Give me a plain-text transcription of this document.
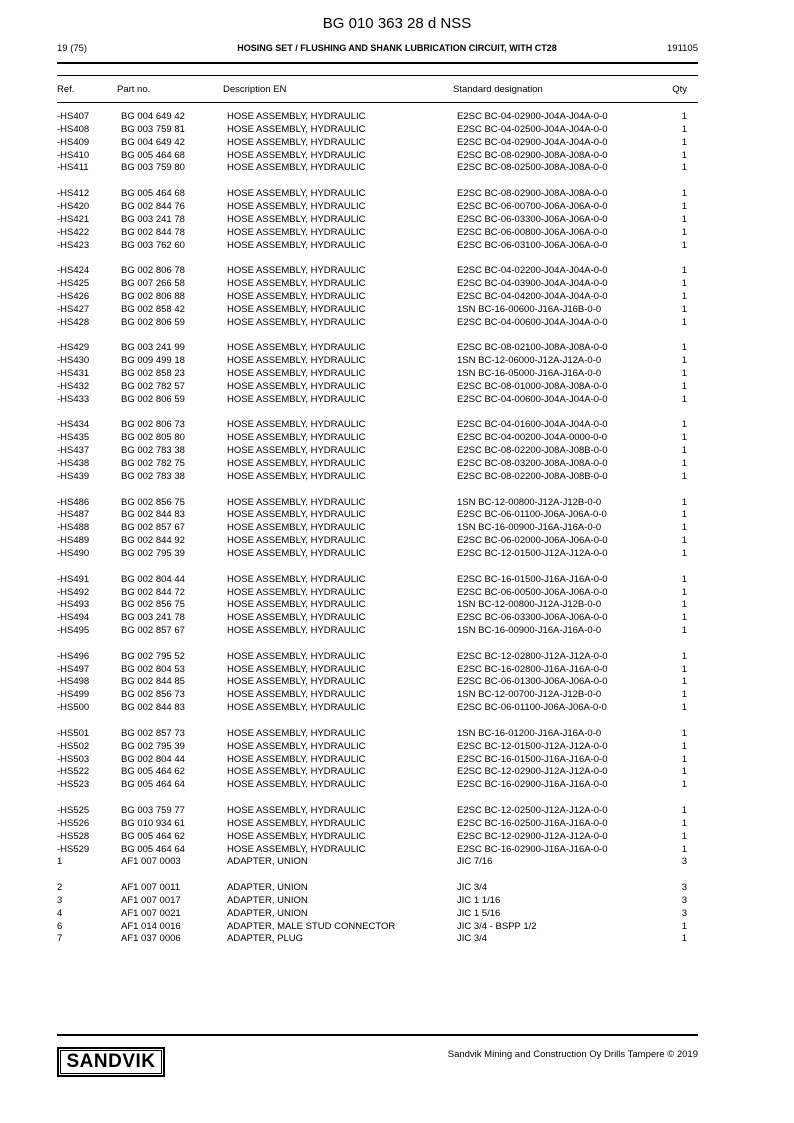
BG 010 363 28 d NSS
19 (75)	HOSING SET / FLUSHING AND SHANK LUBRICATION CIRCUIT, WITH CT28	191105
Ref.	Part no.	Description EN	Standard designation	Qty
-HS407	BG 004 649 42	HOSE ASSEMBLY, HYDRAULIC	E2SC BC-04-02900-J04A-J04A-0-0	1
-HS408	BG 003 759 81	HOSE ASSEMBLY, HYDRAULIC	E2SC BC-04-02500-J04A-J04A-0-0	1
-HS409	BG 004 649 42	HOSE ASSEMBLY, HYDRAULIC	E2SC BC-04-02900-J04A-J04A-0-0	1
-HS410	BG 005 464 68	HOSE ASSEMBLY, HYDRAULIC	E2SC BC-08-02900-J08A-J08A-0-0	1
-HS411	BG 003 759 80	HOSE ASSEMBLY, HYDRAULIC	E2SC BC-08-02500-J08A-J08A-0-0	1
-HS412	BG 005 464 68	HOSE ASSEMBLY, HYDRAULIC	E2SC BC-08-02900-J08A-J08A-0-0	1
-HS420	BG 002 844 76	HOSE ASSEMBLY, HYDRAULIC	E2SC BC-06-00700-J06A-J06A-0-0	1
-HS421	BG 003 241 78	HOSE ASSEMBLY, HYDRAULIC	E2SC BC-06-03300-J06A-J06A-0-0	1
-HS422	BG 002 844 78	HOSE ASSEMBLY, HYDRAULIC	E2SC BC-06-00800-J06A-J06A-0-0	1
-HS423	BG 003 762 60	HOSE ASSEMBLY, HYDRAULIC	E2SC BC-06-03100-J06A-J06A-0-0	1
-HS424	BG 002 806 78	HOSE ASSEMBLY, HYDRAULIC	E2SC BC-04-02200-J04A-J04A-0-0	1
-HS425	BG 007 266 58	HOSE ASSEMBLY, HYDRAULIC	E2SC BC-04-03900-J04A-J04A-0-0	1
-HS426	BG 002 806 88	HOSE ASSEMBLY, HYDRAULIC	E2SC BC-04-04200-J04A-J04A-0-0	1
-HS427	BG 002 858 42	HOSE ASSEMBLY, HYDRAULIC	1SN BC-16-00600-J16A-J16B-0-0	1
-HS428	BG 002 806 59	HOSE ASSEMBLY, HYDRAULIC	E2SC BC-04-00600-J04A-J04A-0-0	1
-HS429	BG 003 241 99	HOSE ASSEMBLY, HYDRAULIC	E2SC BC-08-02100-J08A-J08A-0-0	1
-HS430	BG 009 499 18	HOSE ASSEMBLY, HYDRAULIC	1SN BC-12-06000-J12A-J12A-0-0	1
-HS431	BG 002 858 23	HOSE ASSEMBLY, HYDRAULIC	1SN BC-16-05000-J16A-J16A-0-0	1
-HS432	BG 002 782 57	HOSE ASSEMBLY, HYDRAULIC	E2SC BC-08-01000-J08A-J08A-0-0	1
-HS433	BG 002 806 59	HOSE ASSEMBLY, HYDRAULIC	E2SC BC-04-00600-J04A-J04A-0-0	1
-HS434	BG 002 806 73	HOSE ASSEMBLY, HYDRAULIC	E2SC BC-04-01600-J04A-J04A-0-0	1
-HS435	BG 002 805 80	HOSE ASSEMBLY, HYDRAULIC	E2SC BC-04-00200-J04A-0000-0-0	1
-HS437	BG 002 783 38	HOSE ASSEMBLY, HYDRAULIC	E2SC BC-08-02200-J08A-J08B-0-0	1
-HS438	BG 002 782 75	HOSE ASSEMBLY, HYDRAULIC	E2SC BC-08-03200-J08A-J08A-0-0	1
-HS439	BG 002 783 38	HOSE ASSEMBLY, HYDRAULIC	E2SC BC-08-02200-J08A-J08B-0-0	1
-HS486	BG 002 856 75	HOSE ASSEMBLY, HYDRAULIC	1SN BC-12-00800-J12A-J12B-0-0	1
-HS487	BG 002 844 83	HOSE ASSEMBLY, HYDRAULIC	E2SC BC-06-01100-J06A-J06A-0-0	1
-HS488	BG 002 857 67	HOSE ASSEMBLY, HYDRAULIC	1SN BC-16-00900-J16A-J16A-0-0	1
-HS489	BG 002 844 92	HOSE ASSEMBLY, HYDRAULIC	E2SC BC-06-02000-J06A-J06A-0-0	1
-HS490	BG 002 795 39	HOSE ASSEMBLY, HYDRAULIC	E2SC BC-12-01500-J12A-J12A-0-0	1
-HS491	BG 002 804 44	HOSE ASSEMBLY, HYDRAULIC	E2SC BC-16-01500-J16A-J16A-0-0	1
-HS492	BG 002 844 72	HOSE ASSEMBLY, HYDRAULIC	E2SC BC-06-00500-J06A-J06A-0-0	1
-HS493	BG 002 856 75	HOSE ASSEMBLY, HYDRAULIC	1SN BC-12-00800-J12A-J12B-0-0	1
-HS494	BG 003 241 78	HOSE ASSEMBLY, HYDRAULIC	E2SC BC-06-03300-J06A-J06A-0-0	1
-HS495	BG 002 857 67	HOSE ASSEMBLY, HYDRAULIC	1SN BC-16-00900-J16A-J16A-0-0	1
-HS496	BG 002 795 52	HOSE ASSEMBLY, HYDRAULIC	E2SC BC-12-02800-J12A-J12A-0-0	1
-HS497	BG 002 804 53	HOSE ASSEMBLY, HYDRAULIC	E2SC BC-16-02800-J16A-J16A-0-0	1
-HS498	BG 002 844 85	HOSE ASSEMBLY, HYDRAULIC	E2SC BC-06-01300-J06A-J06A-0-0	1
-HS499	BG 002 856 73	HOSE ASSEMBLY, HYDRAULIC	1SN BC-12-00700-J12A-J12B-0-0	1
-HS500	BG 002 844 83	HOSE ASSEMBLY, HYDRAULIC	E2SC BC-06-01100-J06A-J06A-0-0	1
-HS501	BG 002 857 73	HOSE ASSEMBLY, HYDRAULIC	1SN BC-16-01200-J16A-J16A-0-0	1
-HS502	BG 002 795 39	HOSE ASSEMBLY, HYDRAULIC	E2SC BC-12-01500-J12A-J12A-0-0	1
-HS503	BG 002 804 44	HOSE ASSEMBLY, HYDRAULIC	E2SC BC-16-01500-J16A-J16A-0-0	1
-HS522	BG 005 464 62	HOSE ASSEMBLY, HYDRAULIC	E2SC BC-12-02900-J12A-J12A-0-0	1
-HS523	BG 005 464 64	HOSE ASSEMBLY, HYDRAULIC	E2SC BC-16-02900-J16A-J16A-0-0	1
-HS525	BG 003 759 77	HOSE ASSEMBLY, HYDRAULIC	E2SC BC-12-02500-J12A-J12A-0-0	1
-HS526	BG 010 934 61	HOSE ASSEMBLY, HYDRAULIC	E2SC BC-16-02500-J16A-J16A-0-0	1
-HS528	BG 005 464 62	HOSE ASSEMBLY, HYDRAULIC	E2SC BC-12-02900-J12A-J12A-0-0	1
-HS529	BG 005 464 64	HOSE ASSEMBLY, HYDRAULIC	E2SC BC-16-02900-J16A-J16A-0-0	1
1	AF1 007 0003	ADAPTER, UNION	JIC 7/16	3
2	AF1 007 0011	ADAPTER, UNION	JIC 3/4	3
3	AF1 007 0017	ADAPTER, UNION	JIC 1 1/16	3
4	AF1 007 0021	ADAPTER, UNION	JIC 1 5/16	3
6	AF1 014 0016	ADAPTER, MALE STUD CONNECTOR	JIC 3/4 - BSPP 1/2	1
7	AF1 037 0006	ADAPTER, PLUG	JIC 3/4	1
SANDVIK	Sandvik Mining and Construction Oy Drills Tampere © 2019
